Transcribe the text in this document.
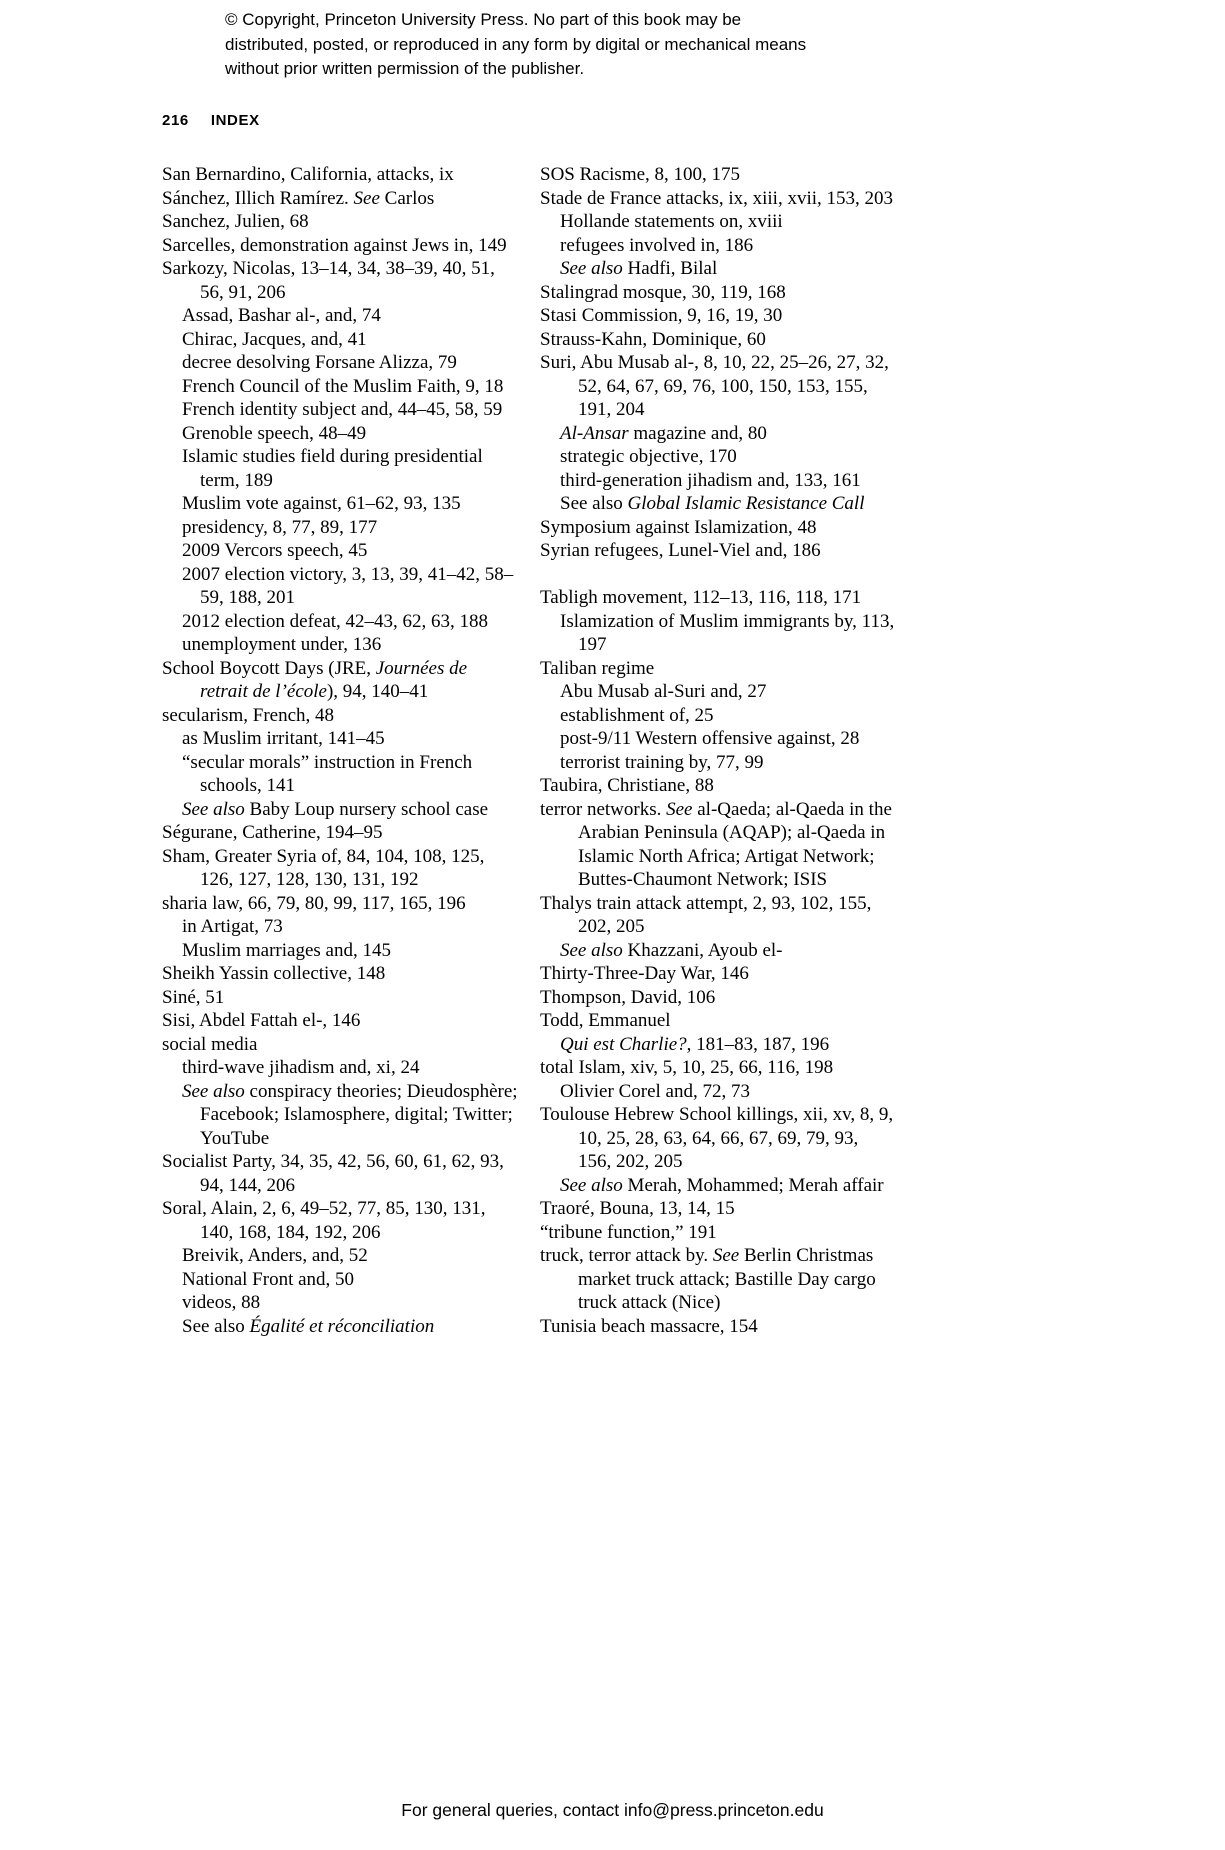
© Copyright, Princeton University Press. No part of this book may be distributed, posted, or reproduced in any form by digital or mechanical means without prior written permission of the publisher.
216 INDEX

San Bernardino, California, attacks, ix

Sánchez, Illich Ramírez. See Carlos

Sanchez, Julien, 68

Sarcelles, demonstration against Jews in, 149

Sarkozy, Nicolas, 13–14, 34, 38–39, 40, 51, 56, 91, 206

Assad, Bashar al-, and, 74

Chirac, Jacques, and, 41

decree desolving Forsane Alizza, 79

French Council of the Muslim Faith, 9, 18

French identity subject and, 44–45, 58, 59

Grenoble speech, 48–49

Islamic studies field during presidential term, 189

Muslim vote against, 61–62, 93, 135

presidency, 8, 77, 89, 177

2009 Vercors speech, 45

2007 election victory, 3, 13, 39, 41–42, 58–59, 188, 201

2012 election defeat, 42–43, 62, 63, 188

unemployment under, 136

School Boycott Days (JRE, Journées de retrait de l’école), 94, 140–41

secularism, French, 48

as Muslim irritant, 141–45

“secular morals” instruction in French schools, 141

See also Baby Loup nursery school case

Ségurane, Catherine, 194–95

Sham, Greater Syria of, 84, 104, 108, 125, 126, 127, 128, 130, 131, 192

sharia law, 66, 79, 80, 99, 117, 165, 196

in Artigat, 73

Muslim marriages and, 145

Sheikh Yassin collective, 148

Siné, 51

Sisi, Abdel Fattah el-, 146

social media

third-wave jihadism and, xi, 24

See also conspiracy theories; Dieudosphère; Facebook; Islamosphere, digital; Twitter; YouTube

Socialist Party, 34, 35, 42, 56, 60, 61, 62, 93, 94, 144, 206

Soral, Alain, 2, 6, 49–52, 77, 85, 130, 131, 140, 168, 184, 192, 206

Breivik, Anders, and, 52

National Front and, 50

videos, 88

See also Égalité et réconciliation

SOS Racisme, 8, 100, 175

Stade de France attacks, ix, xiii, xvii, 153, 203

Hollande statements on, xviii

refugees involved in, 186

See also Hadfi, Bilal

Stalingrad mosque, 30, 119, 168

Stasi Commission, 9, 16, 19, 30

Strauss-Kahn, Dominique, 60

Suri, Abu Musab al-, 8, 10, 22, 25–26, 27, 32, 52, 64, 67, 69, 76, 100, 150, 153, 155, 191, 204

Al-Ansar magazine and, 80

strategic objective, 170

third-generation jihadism and, 133, 161

See also Global Islamic Resistance Call

Symposium against Islamization, 48

Syrian refugees, Lunel-Viel and, 186

Tabligh movement, 112–13, 116, 118, 171

Islamization of Muslim immigrants by, 113, 197

Taliban regime

Abu Musab al-Suri and, 27

establishment of, 25

post-9/11 Western offensive against, 28

terrorist training by, 77, 99

Taubira, Christiane, 88

terror networks. See al-Qaeda; al-Qaeda in the Arabian Peninsula (AQAP); al-Qaeda in Islamic North Africa; Artigat Network; Buttes-Chaumont Network; ISIS

Thalys train attack attempt, 2, 93, 102, 155, 202, 205

See also Khazzani, Ayoub el-

Thirty-Three-Day War, 146

Thompson, David, 106

Todd, Emmanuel

Qui est Charlie?, 181–83, 187, 196

total Islam, xiv, 5, 10, 25, 66, 116, 198

Olivier Corel and, 72, 73

Toulouse Hebrew School killings, xii, xv, 8, 9, 10, 25, 28, 63, 64, 66, 67, 69, 79, 93, 156, 202, 205

See also Merah, Mohammed; Merah affair

Traoré, Bouna, 13, 14, 15

“tribune function,” 191

truck, terror attack by. See Berlin Christmas market truck attack; Bastille Day cargo truck attack (Nice)

Tunisia beach massacre, 154

For general queries, contact info@press.princeton.edu
